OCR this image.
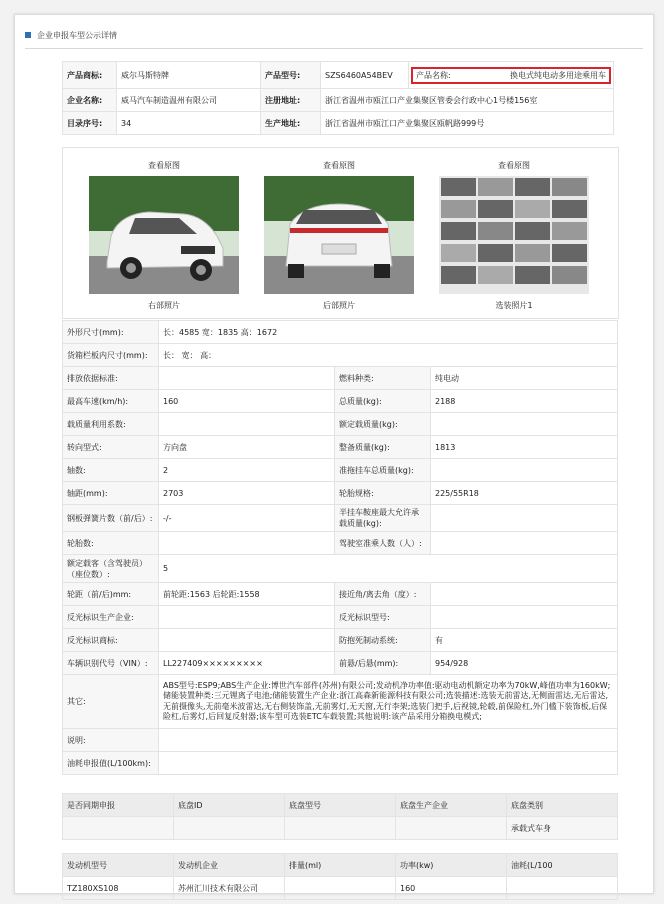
企业申报车型公示详情
产品商标:	威尔马斯特牌	产品型号:	SZS6460A54BEV	产品名称: 换电式纯电动多用途乘用车

企业名称:	威马汽车制造温州有限公司	注册地址:	浙江省温州市瓯江口产业集聚区管委会行政中心1号楼156室	
目录序号:	34	生产地址:	浙江省温州市瓯江口产业集聚区瓯帆路999号	
查看原图
右部照片
查看原图
后部照片
查看原图
选装照片1
外形尺寸(mm):	长：4585 宽：1835 高：1672		
货箱栏板内尺寸(mm):	长： 宽： 高：		
排放依据标准:		燃料种类:	纯电动
最高车速(km/h):	160	总质量(kg):	2188
载质量利用系数:		额定载质量(kg):	
转向型式:	方向盘	整备质量(kg):	1813
轴数:	2	准拖挂车总质量(kg):	
轴距(mm):	2703	轮胎规格:	225/55R18
钢板弹簧片数（前/后）:	-/-	半挂车鞍座最大允许承载质量(kg):	
轮胎数:		驾驶室准乘人数（人）:	
额定载客（含驾驶员）（座位数）:	5		
轮距（前/后)mm:	前轮距:1563 后轮距:1558	接近角/离去角（度）:	
反光标识生产企业:		反光标识型号:	
反光标识商标:		防抱死制动系统:	有
车辆识别代号（VIN）:	LL227409×××××××××	前悬/后悬(mm):	954/928
其它:	ABS型号:ESP9;ABS生产企业:博世汽车部件(苏州)有限公司;发动机净功率值:驱动电动机额定功率为70kW,峰值功率为160kW;储能装置种类:三元锂离子电池;储能装置生产企业:浙江高森新能源科技有限公司;选装描述:选装无前雷达,无侧面雷达,无后雷达,无前摄像头,无前毫米波雷达,无右侧装饰盖,无前雾灯,无天窗,无行李架;选装门把手,后视镜,轮毂,前保险杠,外门槛下装饰板,后保险杠,后雾灯,后回复反射器;该车型可选装ETC车载装置;其他说明:该产品采用分箱换电模式;		
说明:			
油耗申报值(L/100km):			
是否同期申报	底盘ID	底盘型号	底盘生产企业	底盘类别
				承载式车身
发动机型号	发动机企业	排量(ml)	功率(kw)	油耗(L/100
TZ180XS108	苏州汇川技术有限公司		160	
